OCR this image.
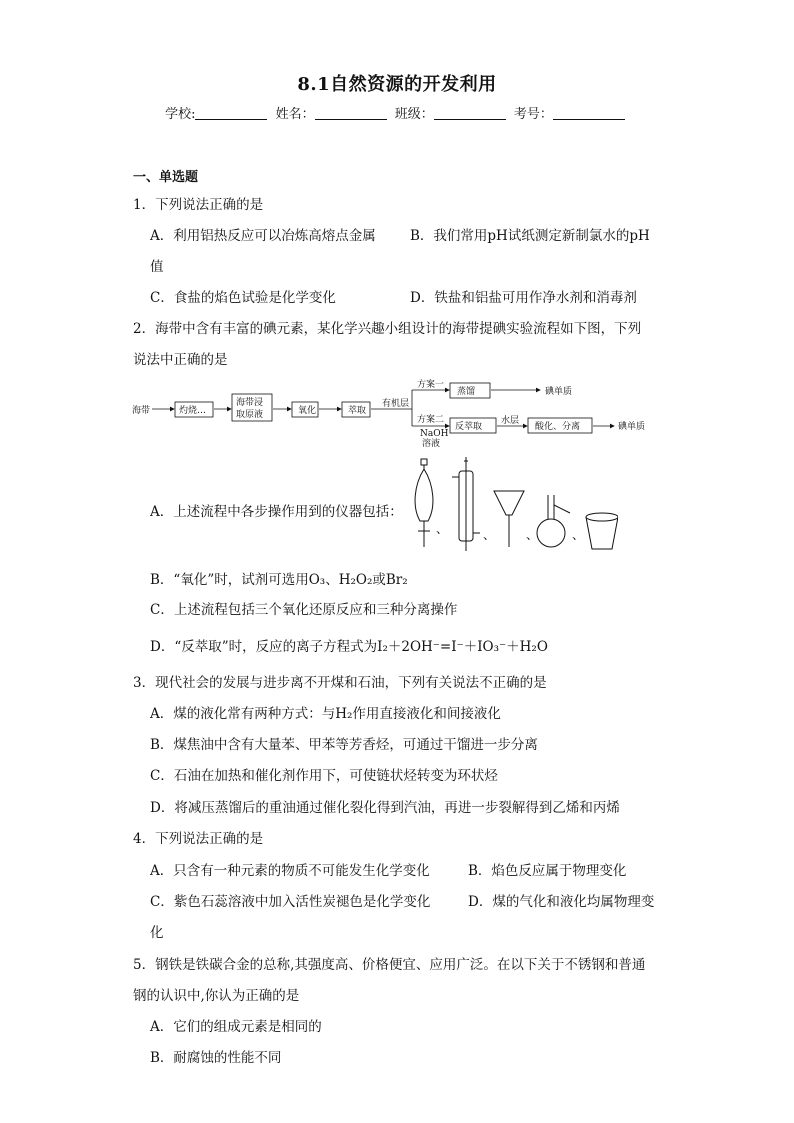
8.1自然资源的开发利用
学校:	姓名：	班级：	考号：
一、单选题
1．下列说法正确的是
A．利用铝热反应可以冶炼高熔点金属	B．我们常用pH试纸测定新制氯水的pH
值
C．食盐的焰色试验是化学变化	D．铁盐和铝盐可用作净水剂和消毒剂
2．海带中含有丰富的碘元素，某化学兴趣小组设计的海带提碘实验流程如下图，下列
说法中正确的是
海带	灼烧…
海带浸
取原液	氧化	萃取
有机层
方案一
蒸馏	碘单质
方案二
NaOH
溶液
反萃取
水层
酸化、分离	碘单质
A．上述流程中各步操作用到的仪器包括：
、	、	、	、
B．“氧化”时，试剂可选用O₃、H₂O₂或Br₂
C．上述流程包括三个氧化还原反应和三种分离操作
D．“反萃取”时，反应的离子方程式为I₂＋2OH⁻=I⁻＋IO₃⁻＋H₂O
3．现代社会的发展与进步离不开煤和石油，下列有关说法不正确的是
A．煤的液化常有两种方式：与H₂作用直接液化和间接液化
B．煤焦油中含有大量苯、甲苯等芳香烃，可通过干馏进一步分离
C．石油在加热和催化剂作用下，可使链状烃转变为环状烃
D．将减压蒸馏后的重油通过催化裂化得到汽油，再进一步裂解得到乙烯和丙烯
4．下列说法正确的是
A．只含有一种元素的物质不可能发生化学变化	B．焰色反应属于物理变化
C．紫色石蕊溶液中加入活性炭褪色是化学变化	D．煤的气化和液化均属物理变
化
5．钢铁是铁碳合金的总称,其强度高、价格便宜、应用广泛。在以下关于不锈钢和普通
钢的认识中,你认为正确的是
A．它们的组成元素是相同的
B．耐腐蚀的性能不同
